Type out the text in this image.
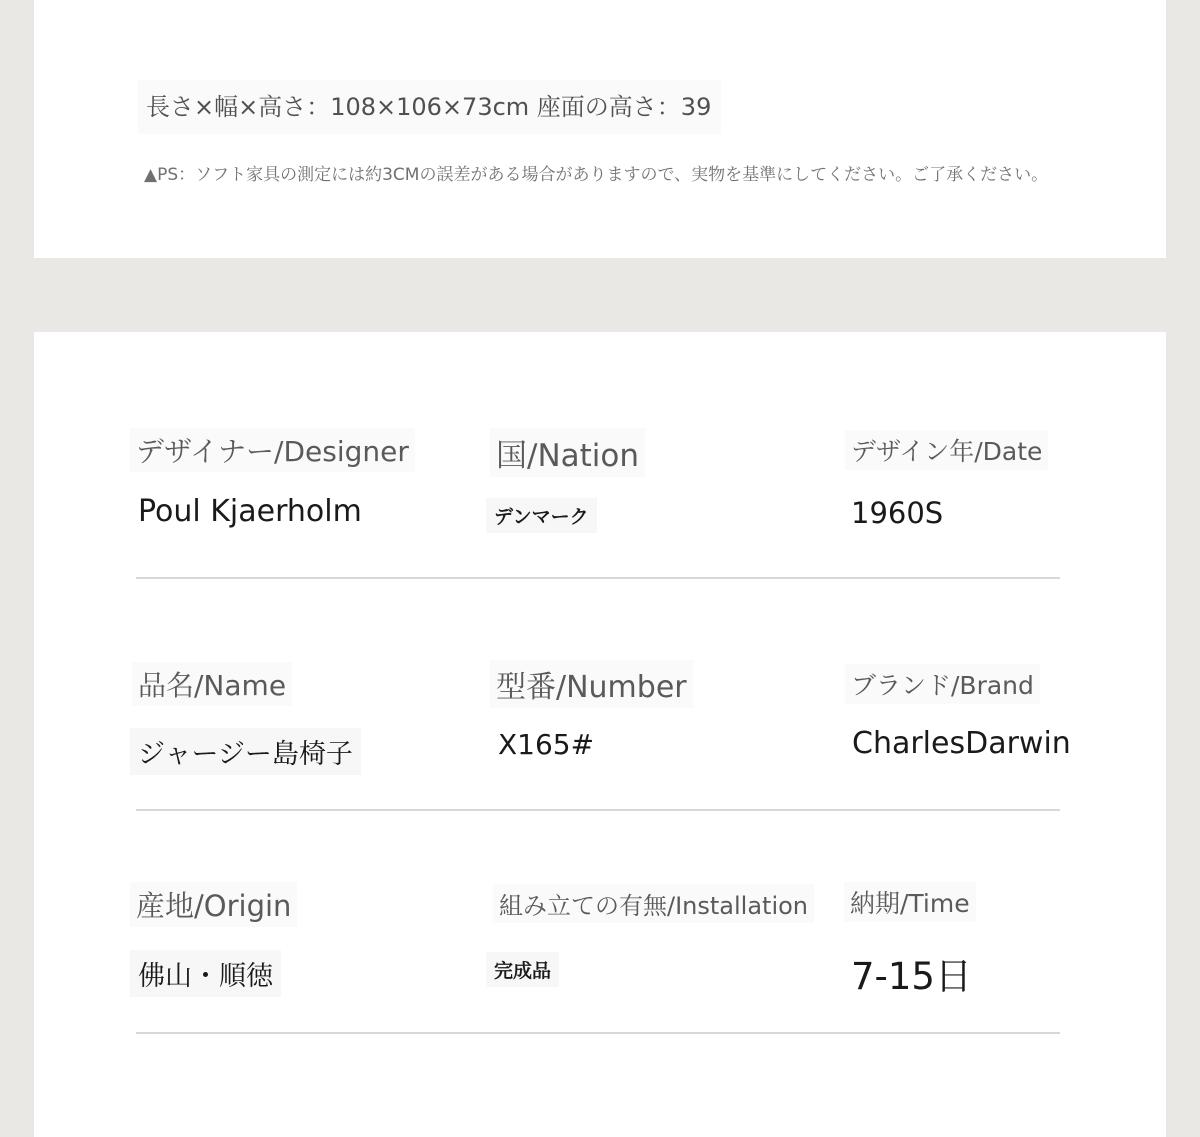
長さ×幅×高さ：108×106×73cm 座面の高さ：39
▲PS：ソフト家具の測定には約3CMの誤差がある場合がありますので、実物を基準にしてください。ご了承ください。
デザイナー/Designer
Poul Kjaerholm
国/Nation
デンマーク
デザイン年/Date
1960S
品名/Name
ジャージー島椅子
型番/Number
X165#
ブランド/Brand
CharlesDarwin
産地/Origin
佛山・順徳
組み立ての有無/Installation
完成品
納期/Time
7-15日
